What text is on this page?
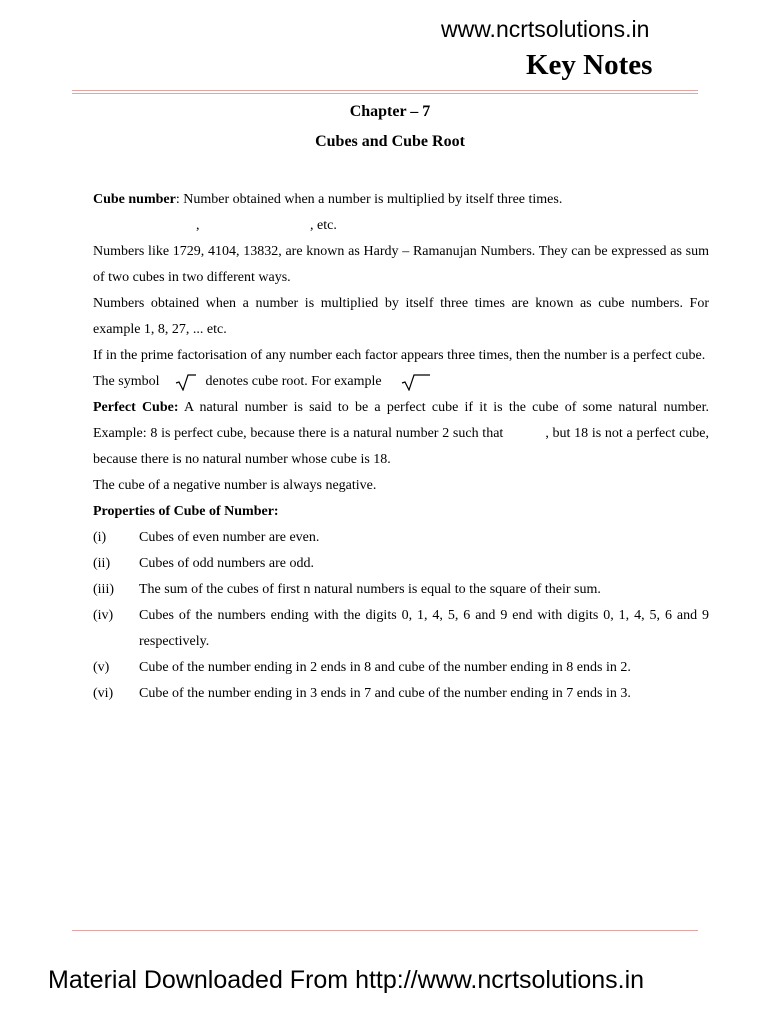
www.ncrtsolutions.in
Key Notes
Chapter – 7
Cubes and Cube Root

Cube number: Number obtained when a number is multiplied by itself three times.

,	, etc.

Numbers like 1729, 4104, 13832, are known as Hardy – Ramanujan Numbers. They can be expressed as sum of two cubes in two different ways.

Numbers obtained when a number is multiplied by itself three times are known as cube numbers. For example 1, 8, 27, ... etc.

If in the prime factorisation of any number each factor appears three times, then the number is a perfect cube.

The symbol	denotes cube root. For example

Perfect Cube: A natural number is said to be a perfect cube if it is the cube of some natural number. Example: 8 is perfect cube, because there is a natural number 2 such that	, but 18 is not a perfect cube, because there is no natural number whose cube is 18.

The cube of a negative number is always negative.

Properties of Cube of Number:

(i)	Cubes of even number are even.
(ii)	Cubes of odd numbers are odd.
(iii)	The sum of the cubes of first n natural numbers is equal to the square of their sum.
(iv)	Cubes of the numbers ending with the digits 0, 1, 4, 5, 6 and 9 end with digits 0, 1, 4, 5, 6 and 9 respectively.
(v)	Cube of the number ending in 2 ends in 8 and cube of the number ending in 8 ends in 2.
(vi)	Cube of the number ending in 3 ends in 7 and cube of the number ending in 7 ends in 3.
Material Downloaded From http://www.ncrtsolutions.in
